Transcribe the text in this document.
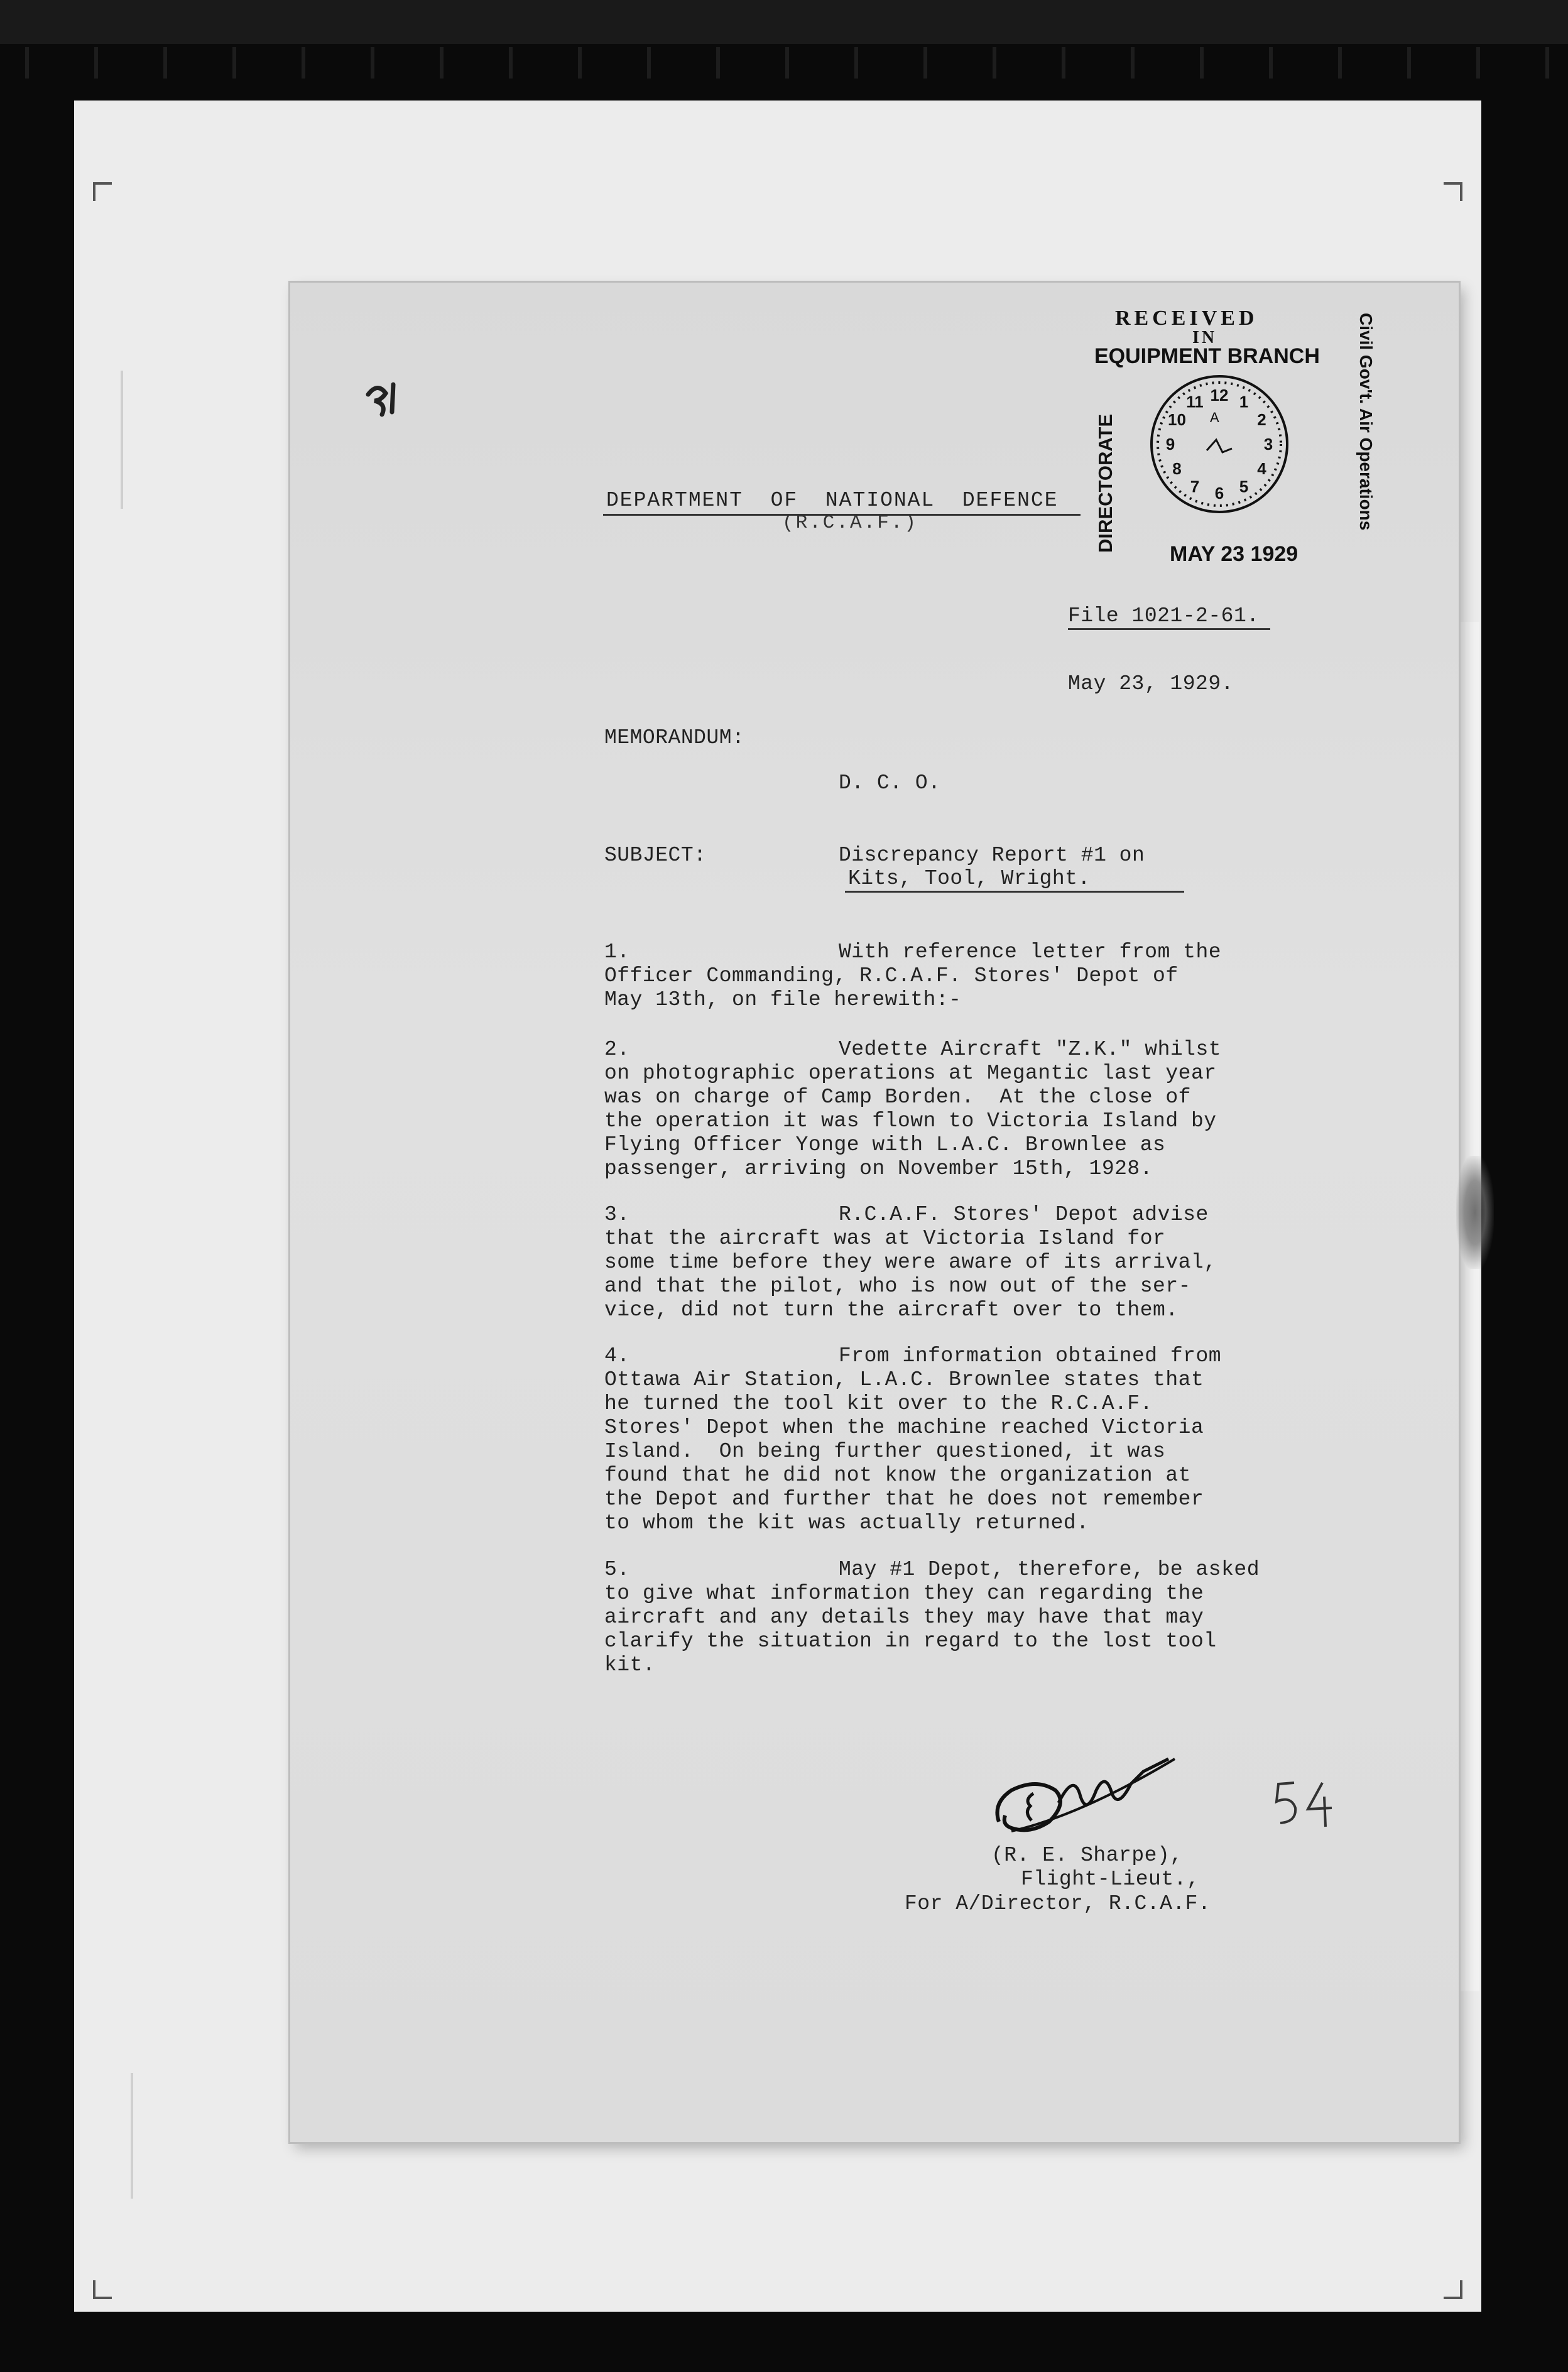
RECEIVED
IN
EQUIPMENT BRANCH
DIRECTORATE	Civil Gov't. Air Operations
MAY 23 1929
12 1
2
3
4
5
6
7
8
9
10
11
A
DEPARTMENT  OF  NATIONAL  DEFENCE
(R.C.A.F.)
File 1021-2-61.
May 23, 1929.
MEMORANDUM:
D. C. O.
SUBJECT:	Discrepancy Report #1 on
Kits, Tool, Wright.
1.	With reference letter from the
Officer Commanding, R.C.A.F. Stores' Depot of
May 13th, on file herewith:-
2.	Vedette Aircraft "Z.K." whilst
on photographic operations at Megantic last year
was on charge of Camp Borden.  At the close of
the operation it was flown to Victoria Island by
Flying Officer Yonge with L.A.C. Brownlee as
passenger, arriving on November 15th, 1928.
3.	R.C.A.F. Stores' Depot advise
that the aircraft was at Victoria Island for
some time before they were aware of its arrival,
and that the pilot, who is now out of the ser-
vice, did not turn the aircraft over to them.
4.	From information obtained from
Ottawa Air Station, L.A.C. Brownlee states that
he turned the tool kit over to the R.C.A.F.
Stores' Depot when the machine reached Victoria
Island.  On being further questioned, it was
found that he did not know the organization at
the Depot and further that he does not remember
to whom the kit was actually returned.
5.	May #1 Depot, therefore, be asked
to give what information they can regarding the
aircraft and any details they may have that may
clarify the situation in regard to the lost tool
kit.
(R. E. Sharpe),
Flight-Lieut.,
For A/Director, R.C.A.F.
